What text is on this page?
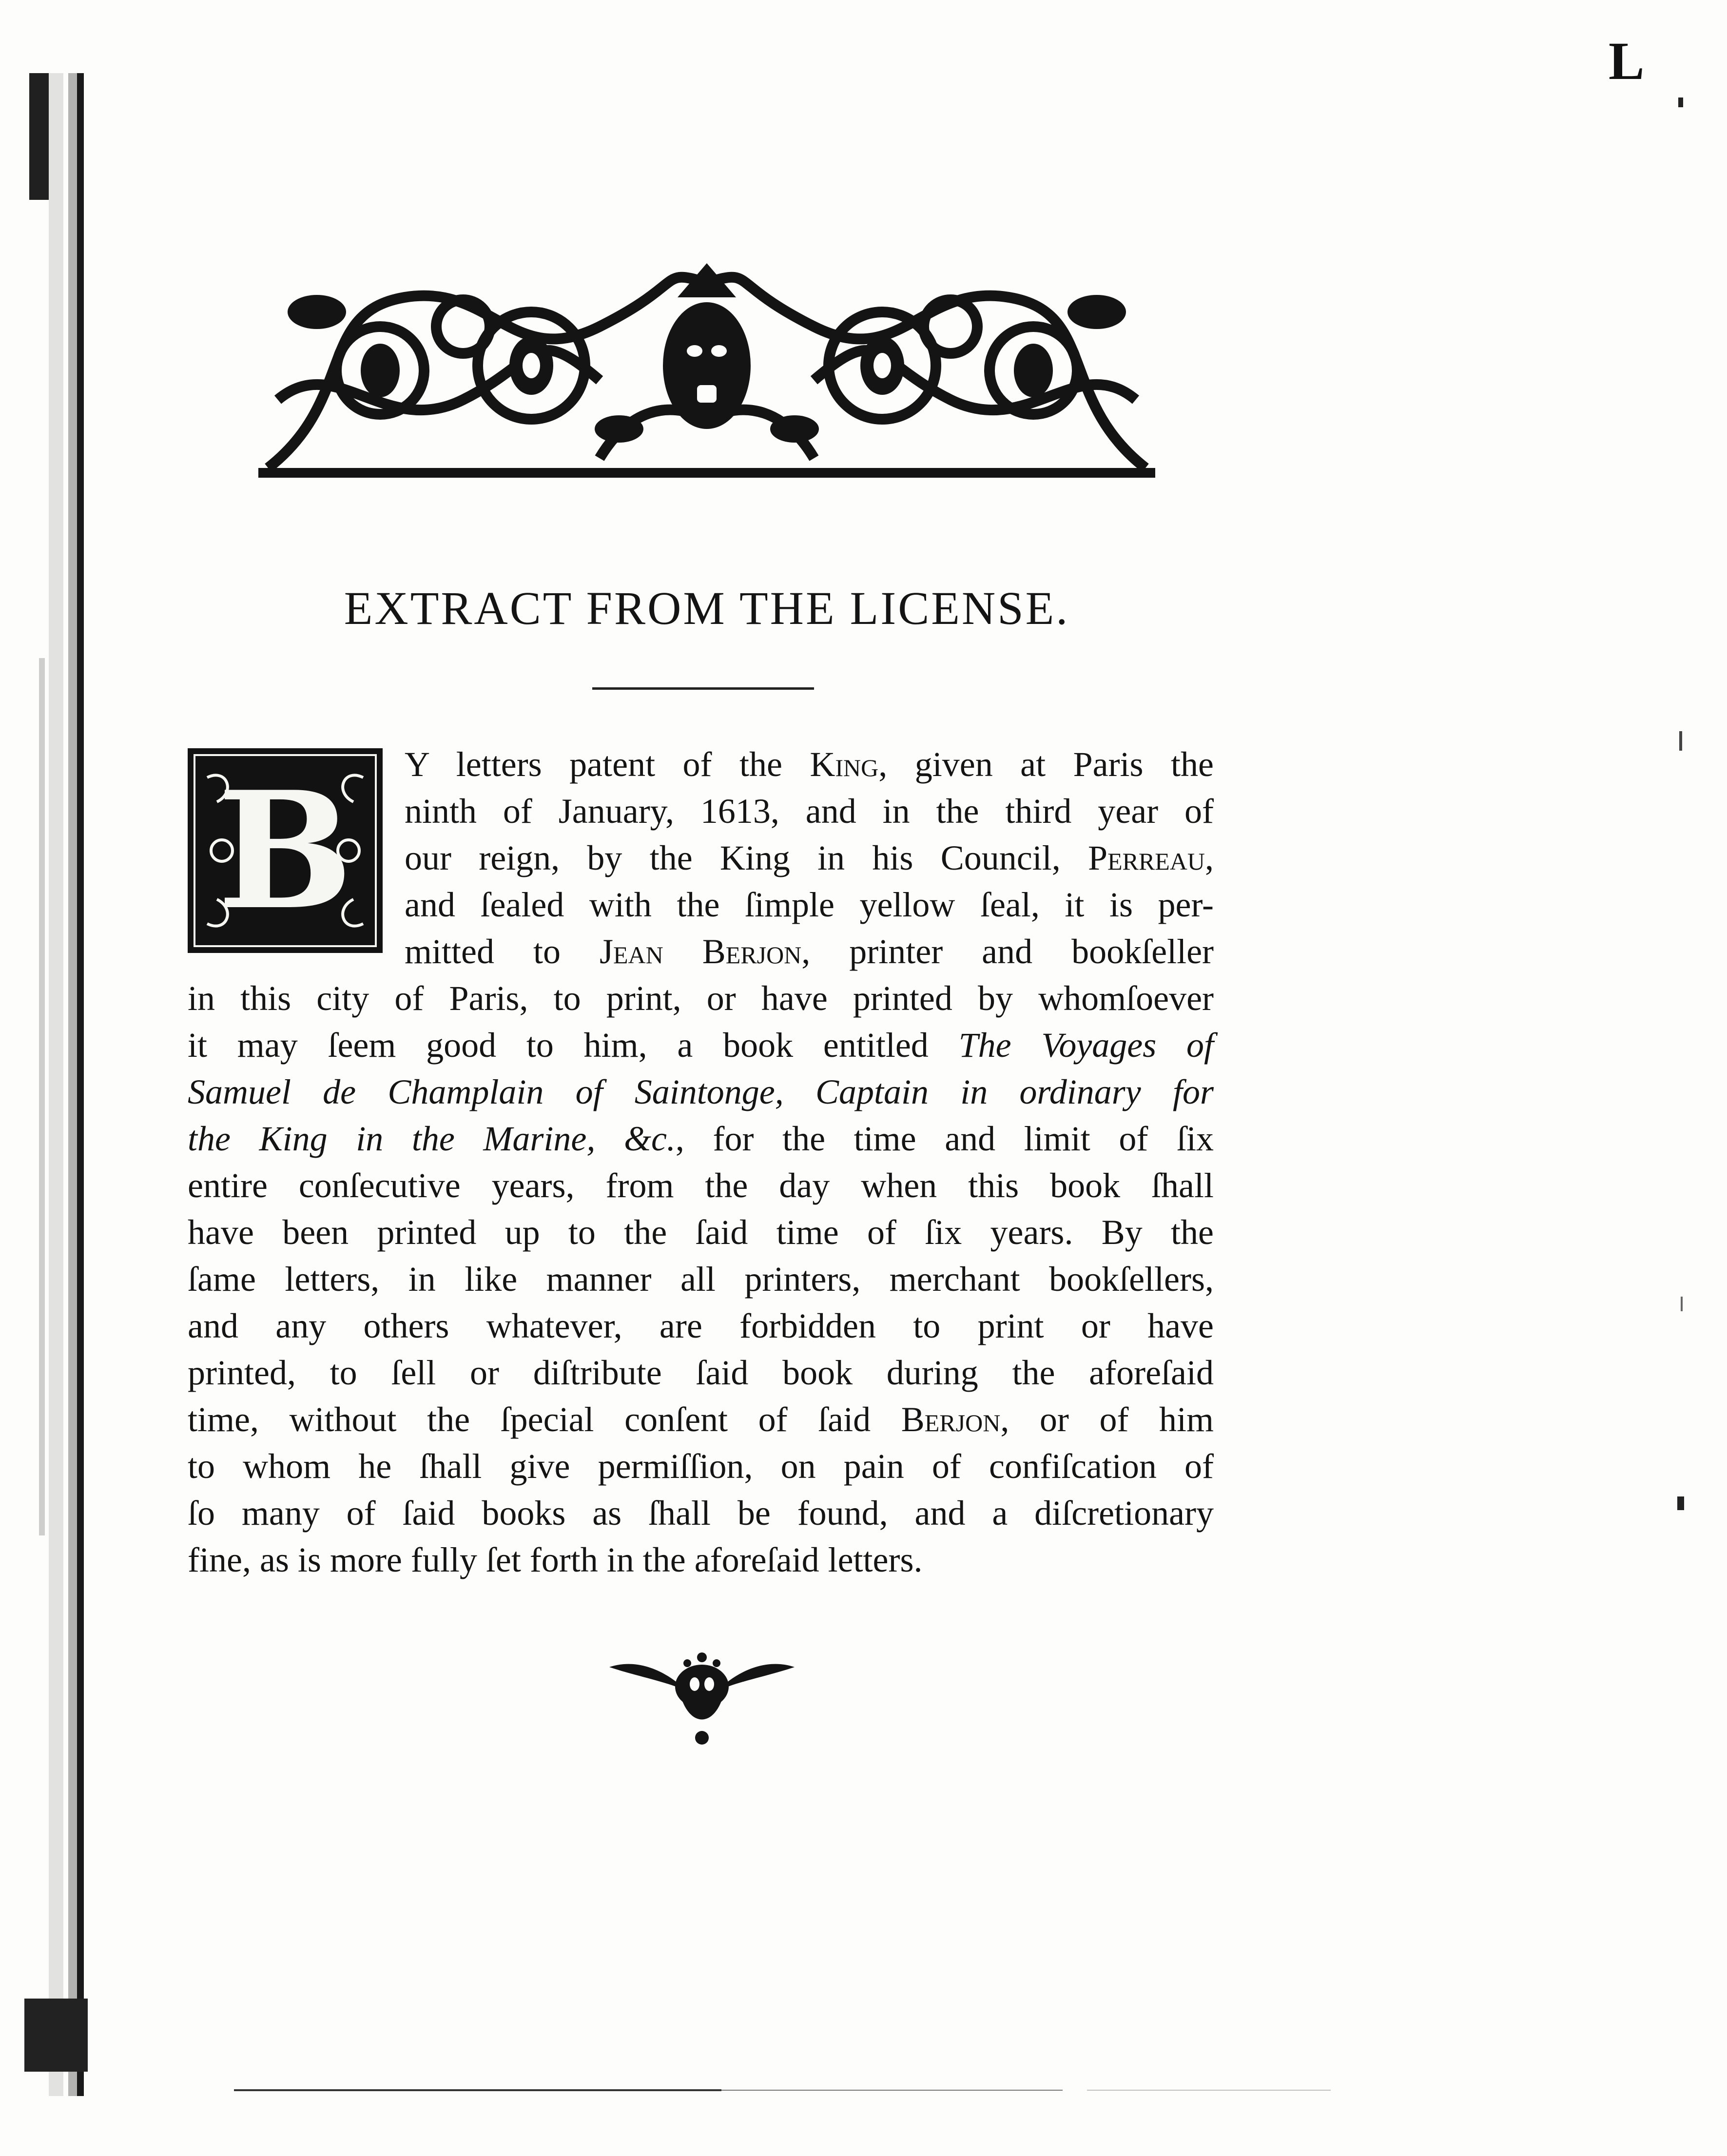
L
EXTRACT FROM THE LICENSE.
B	Y letters patent of the King, given at Paris the
ninth of January, 1613, and in the third year of
our reign, by the King in his Council, Perreau,
and ſealed with the ſimple yellow ſeal, it is per-
mitted to Jean Berjon, printer and bookſeller
in this city of Paris, to print, or have printed by whomſoever
it may ſeem good to him, a book entitled The Voyages of
Samuel de Champlain of Saintonge, Captain in ordinary for
the King in the Marine, &c., for the time and limit of ſix
entire conſecutive years, from the day when this book ſhall
have been printed up to the ſaid time of ſix years. By the
ſame letters, in like manner all printers, merchant bookſellers,
and any others whatever, are forbidden to print or have
printed, to ſell or diſtribute ſaid book during the aforeſaid
time, without the ſpecial conſent of ſaid Berjon, or of him
to whom he ſhall give permiſſion, on pain of confiſcation of
ſo many of ſaid books as ſhall be found, and a diſcretionary
fine, as is more fully ſet forth in the aforeſaid letters.
